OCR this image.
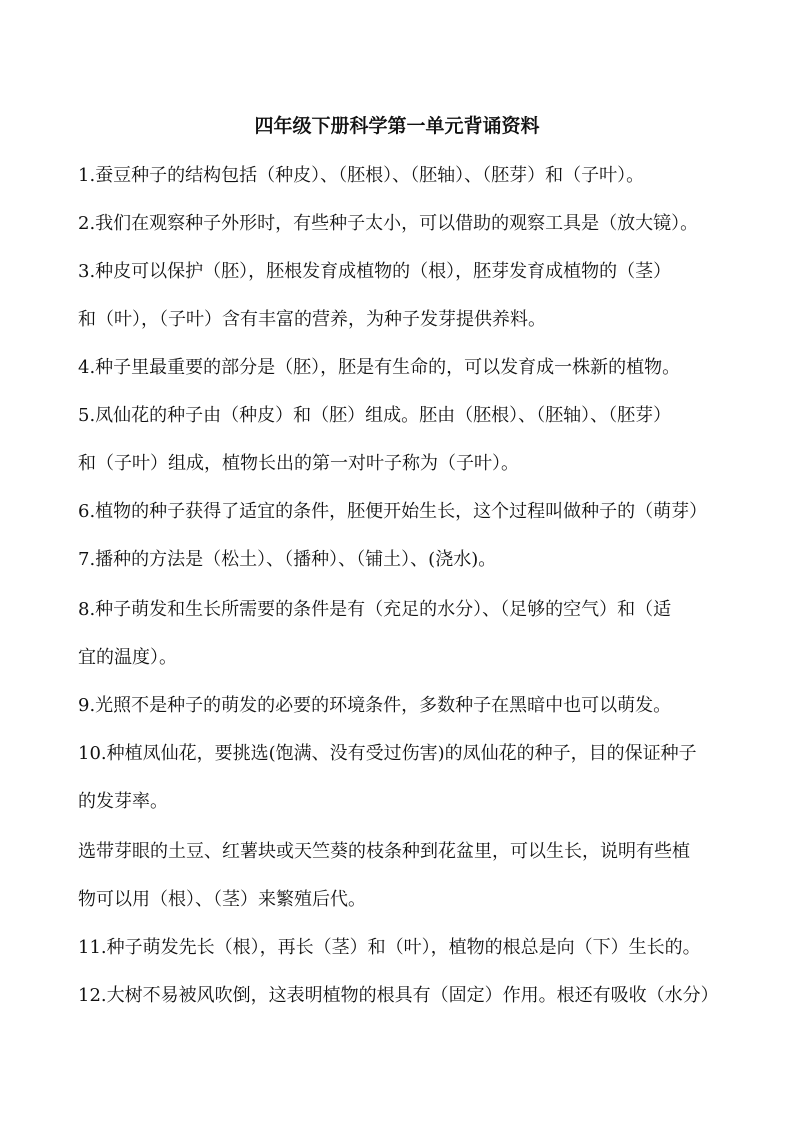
四年级下册科学第一单元背诵资料
1.蚕豆种子的结构包括（种皮）、（胚根）、（胚轴）、（胚芽）和（子叶）。
2.我们在观察种子外形时，有些种子太小，可以借助的观察工具是（放大镜）。
3.种皮可以保护（胚），胚根发育成植物的（根），胚芽发育成植物的（茎）
和（叶），（子叶）含有丰富的营养，为种子发芽提供养料。
4.种子里最重要的部分是（胚），胚是有生命的，可以发育成一株新的植物。
5.凤仙花的种子由（种皮）和（胚）组成。胚由（胚根）、（胚轴）、（胚芽）
和（子叶）组成，植物长出的第一对叶子称为（子叶）。
6.植物的种子获得了适宜的条件，胚便开始生长，这个过程叫做种子的（萌芽）
7.播种的方法是（松土）、（播种）、（铺土）、(浇水)。
8.种子萌发和生长所需要的条件是有（充足的水分）、（足够的空气）和（适
宜的温度）。
9.光照不是种子的萌发的必要的环境条件，多数种子在黑暗中也可以萌发。
10.种植凤仙花，要挑选(饱满、没有受过伤害)的凤仙花的种子，目的保证种子
的发芽率。
选带芽眼的土豆、红薯块或天竺葵的枝条种到花盆里，可以生长，说明有些植
物可以用（根）、（茎）来繁殖后代。
11.种子萌发先长（根），再长（茎）和（叶），植物的根总是向（下）生长的。
12.大树不易被风吹倒，这表明植物的根具有（固定）作用。根还有吸收（水分）
